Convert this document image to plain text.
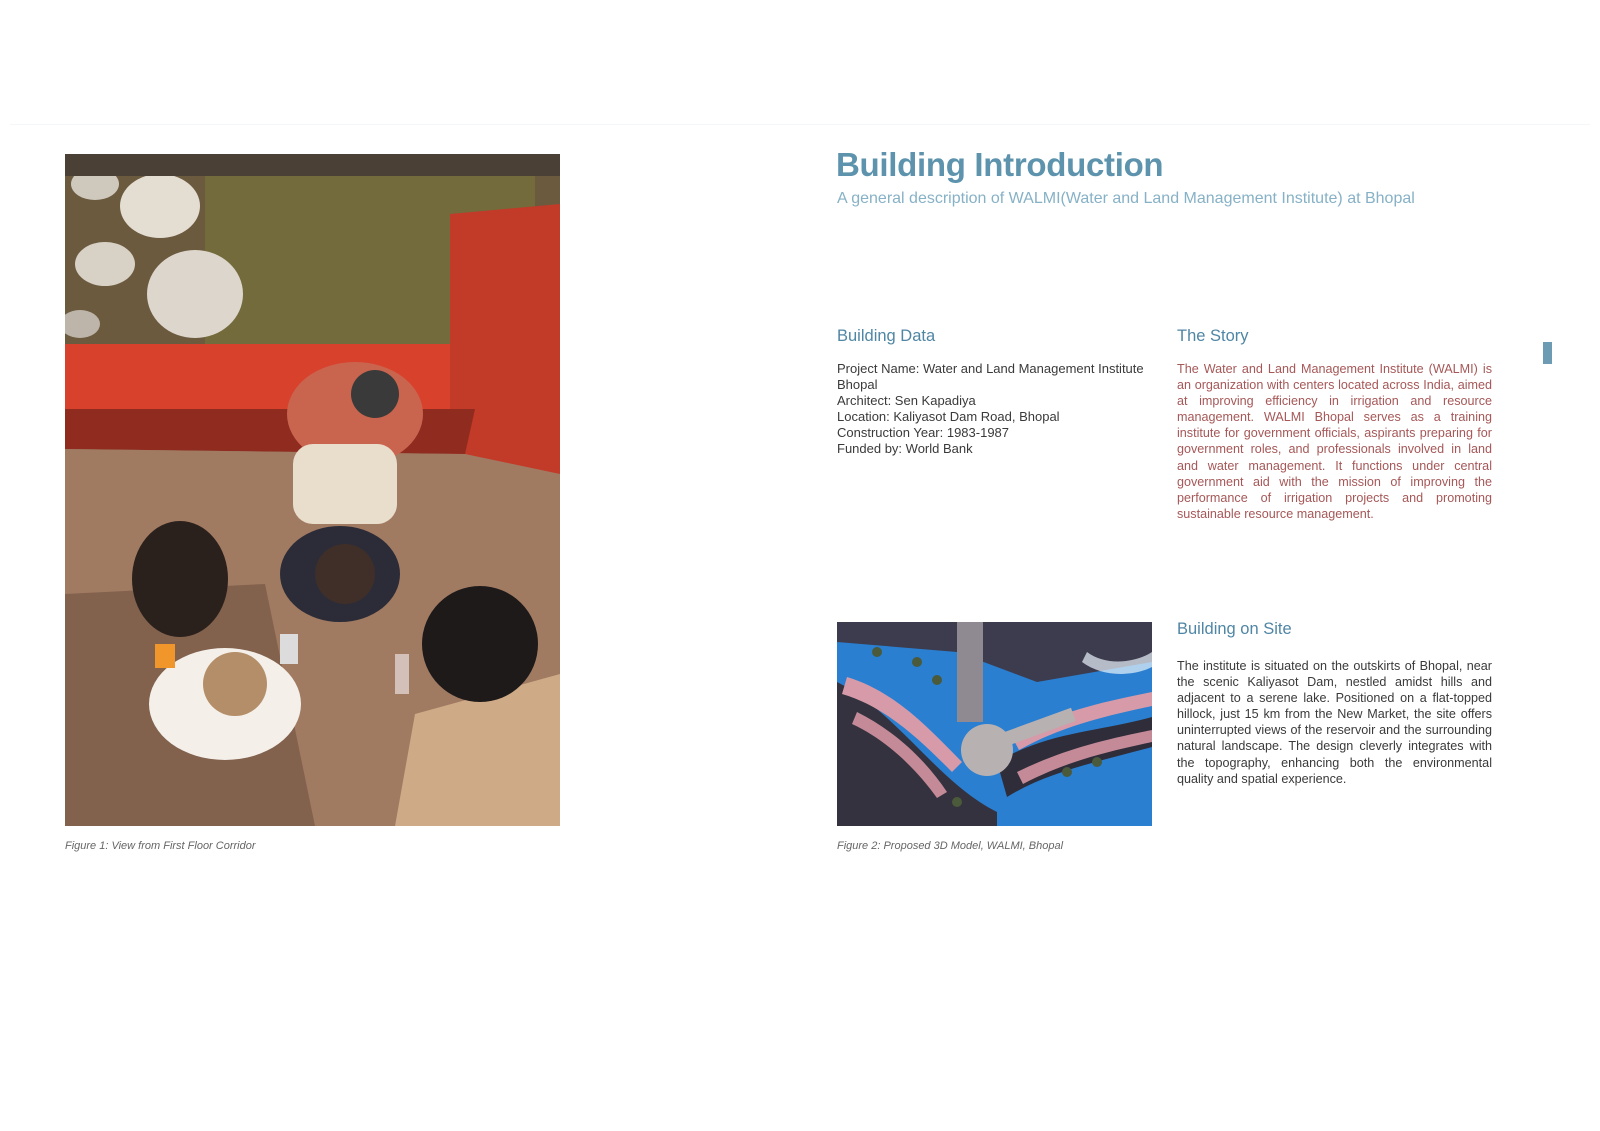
Figure 1: View from First Floor Corridor
Building Introduction

A general description of WALMI(Water and Land Management Institute) at Bhopal

Building Data
Project Name: Water and Land Management Institute Bhopal
Architect: Sen Kapadiya
Location: Kaliyasot Dam Road, Bhopal
Construction Year: 1983-1987
Funded by: World Bank
The Story

The Water and Land Management Institute (WALMI) is an organization with centers located across India, aimed at improving efficiency in irrigation and resource management. WALMI Bhopal serves as a training institute for government officials, aspirants preparing for government roles, and professionals involved in land and water management. It functions under central government aid with the mission of improving the performance of irrigation projects and promoting sustainable resource management.

Figure 2: Proposed 3D Model, WALMI, Bhopal
Building on Site

The institute is situated on the outskirts of Bhopal, near the scenic Kaliyasot Dam, nestled amidst hills and adjacent to a serene lake. Positioned on a flat-topped hillock, just 15 km from the New Market, the site offers uninterrupted views of the reservoir and the surrounding natural landscape. The design cleverly integrates with the topography, enhancing both the environmental quality and spatial experience.
